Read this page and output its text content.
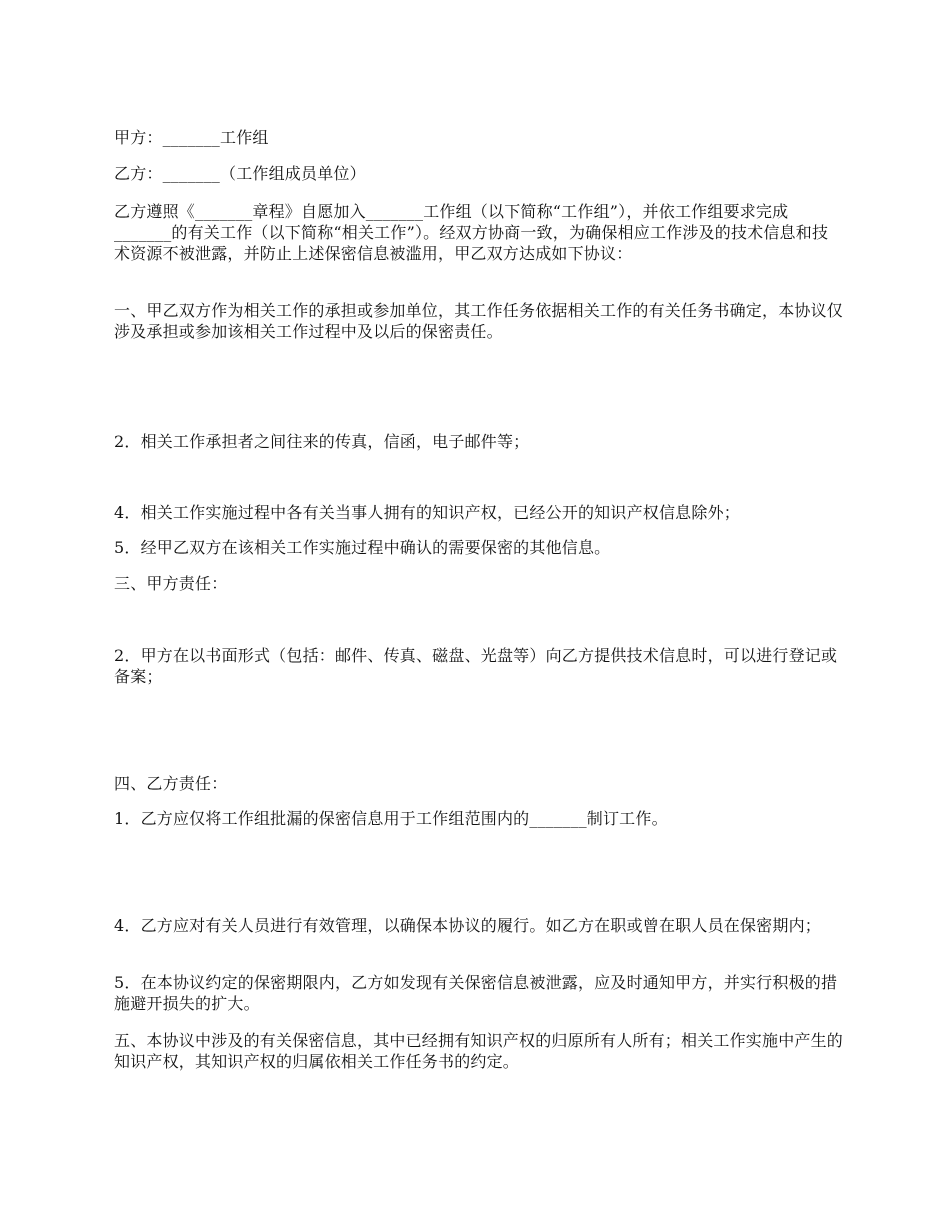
甲方：_______工作组

乙方：_______（工作组成员单位）

乙方遵照《_______章程》自愿加入_______工作组（以下简称“工作组”），并依工作组要求完成_______的有关工作（以下简称“相关工作”）。经双方协商一致，为确保相应工作涉及的技术信息和技术资源不被泄露，并防止上述保密信息被滥用，甲乙双方达成如下协议：

一、甲乙双方作为相关工作的承担或参加单位，其工作任务依据相关工作的有关任务书确定，本协议仅涉及承担或参加该相关工作过程中及以后的保密责任。

2．相关工作承担者之间往来的传真，信函，电子邮件等；

4．相关工作实施过程中各有关当事人拥有的知识产权，已经公开的知识产权信息除外；

5．经甲乙双方在该相关工作实施过程中确认的需要保密的其他信息。

三、甲方责任：

2．甲方在以书面形式（包括：邮件、传真、磁盘、光盘等）向乙方提供技术信息时，可以进行登记或备案；

四、乙方责任：

1．乙方应仅将工作组批漏的保密信息用于工作组范围内的_______制订工作。

4．乙方应对有关人员进行有效管理，以确保本协议的履行。如乙方在职或曾在职人员在保密期内；

5．在本协议约定的保密期限内，乙方如发现有关保密信息被泄露，应及时通知甲方，并实行积极的措施避开损失的扩大。

五、本协议中涉及的有关保密信息，其中已经拥有知识产权的归原所有人所有；相关工作实施中产生的知识产权，其知识产权的归属依相关工作任务书的约定。
